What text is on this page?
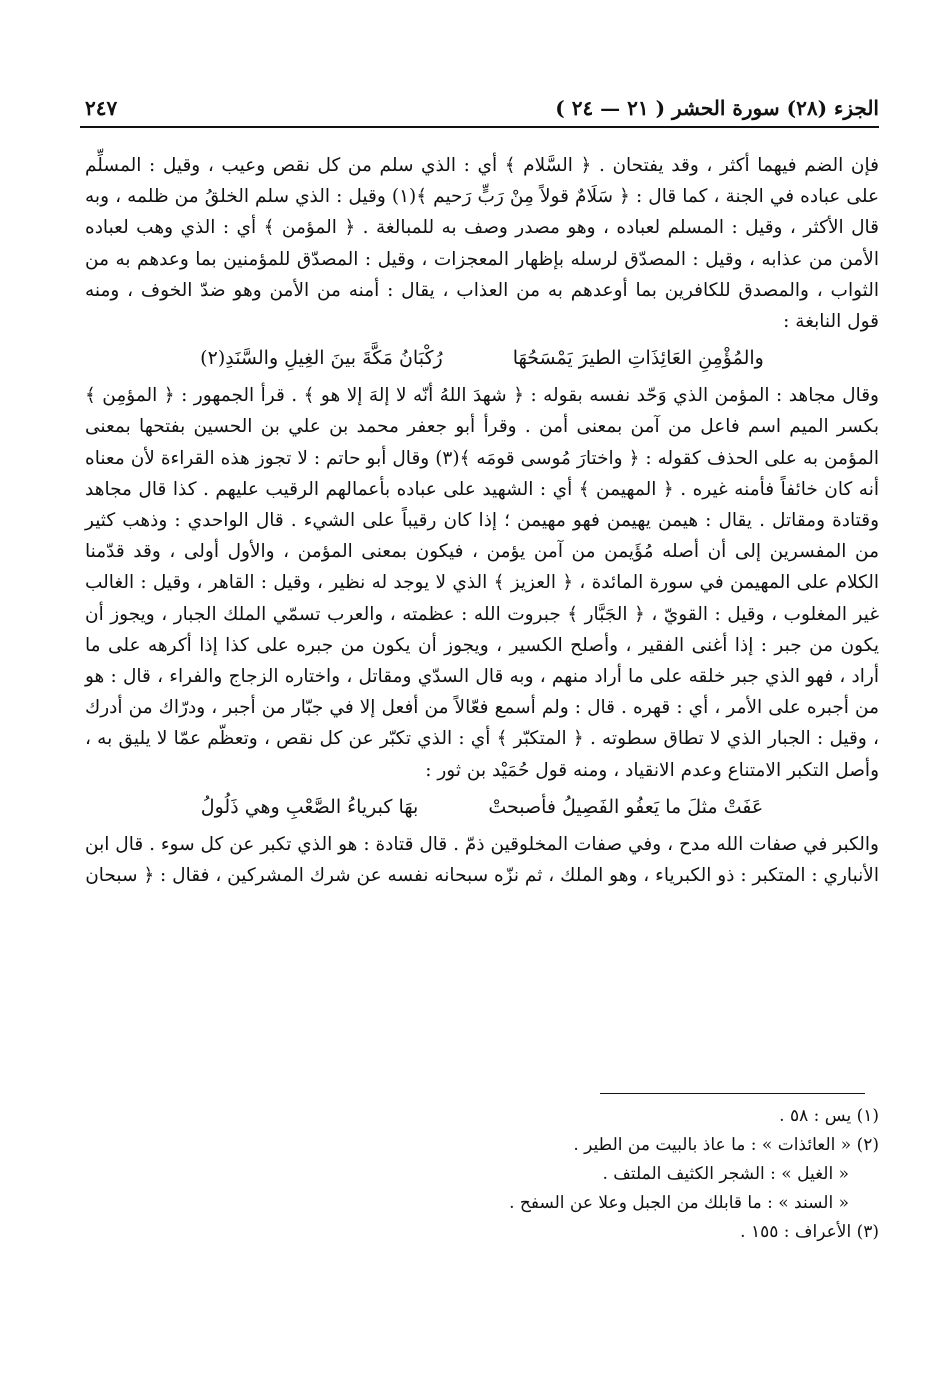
الجزء (٢٨) سورة الحشر ( ٢١ — ٢٤ )
٢٤٧

فإن الضم فيهما أكثر ، وقد يفتحان . ﴿ السَّلام ﴾ أي : الذي سلم من كل نقص وعيب ، وقيل : المسلِّم على عباده في الجنة ، كما قال : ﴿ سَلَامٌ قولاً مِنْ رَبٍّ رَحيم ﴾(١) وقيل : الذي سلم الخلقُ من ظلمه ، وبه قال الأكثر ، وقيل : المسلم لعباده ، وهو مصدر وصف به للمبالغة . ﴿ المؤمن ﴾ أي : الذي وهب لعباده الأمن من عذابه ، وقيل : المصدّق لرسله بإظهار المعجزات ، وقيل : المصدّق للمؤمنين بما وعدهم به من الثواب ، والمصدق للكافرين بما أوعدهم به من العذاب ، يقال : أمنه من الأمن وهو ضدّ الخوف ، ومنه قول النابغة :

والمُؤْمِنِ العَائِذَاتِ الطيرَ يَمْسَحُهَا
رُكْبَانُ مَكَّةَ بينَ الغِيلِ والسَّنَدِ(٢)

وقال مجاهد : المؤمن الذي وَحّد نفسه بقوله : ﴿ شهدَ اللهُ أنّه لا إلهَ إلا هو ﴾ . قرأ الجمهور : ﴿ المؤمِن ﴾ بكسر الميم اسم فاعل من آمن بمعنى أمن . وقرأ أبو جعفر محمد بن علي بن الحسين بفتحها بمعنى المؤمن به على الحذف كقوله : ﴿ واختارَ مُوسى قومَه ﴾(٣) وقال أبو حاتم : لا تجوز هذه القراءة لأن معناه أنه كان خائفاً فأمنه غيره . ﴿ المهيمن ﴾ أي : الشهيد على عباده بأعمالهم الرقيب عليهم . كذا قال مجاهد وقتادة ومقاتل . يقال : هيمن يهيمن فهو مهيمن ؛ إذا كان رقيباً على الشيء . قال الواحدي : وذهب كثير من المفسرين إلى أن أصله مُؤَيمن من آمن يؤمن ، فيكون بمعنى المؤمن ، والأول أولى ، وقد قدّمنا الكلام على المهيمن في سورة المائدة ، ﴿ العزيز ﴾ الذي لا يوجد له نظير ، وقيل : القاهر ، وقيل : الغالب غير المغلوب ، وقيل : القويّ ، ﴿ الجَبَّار ﴾ جبروت الله : عظمته ، والعرب تسمّي الملك الجبار ، ويجوز أن يكون من جبر : إذا أغنى الفقير ، وأصلح الكسير ، ويجوز أن يكون من جبره على كذا إذا أكرهه على ما أراد ، فهو الذي جبر خلقه على ما أراد منهم ، وبه قال السدّي ومقاتل ، واختاره الزجاج والفراء ، قال : هو من أجبره على الأمر ، أي : قهره . قال : ولم أسمع فعّالاً من أفعل إلا في جبّار من أجبر ، ودرّاك من أدرك ، وقيل : الجبار الذي لا تطاق سطوته . ﴿ المتكبّر ﴾ أي : الذي تكبّر عن كل نقص ، وتعظّم عمّا لا يليق به ، وأصل التكبر الامتناع وعدم الانقياد ، ومنه قول حُمَيْد بن ثور :

عَفَتْ مثلَ ما يَعفُو الفَصِيلُ فأصبحتْ
بهَا كبرياءُ الصَّعْبِ وهي ذَلُولُ

والكبر في صفات الله مدح ، وفي صفات المخلوقين ذمّ . قال قتادة : هو الذي تكبر عن كل سوء . قال ابن الأنباري : المتكبر : ذو الكبرياء ، وهو الملك ، ثم نزّه سبحانه نفسه عن شرك المشركين ، فقال : ﴿ سبحان

(١) يس : ٥٨ .

(٢) « العائذات » : ما عاذ بالبيت من الطير .

« الغيل » : الشجر الكثيف الملتف .

« السند » : ما قابلك من الجبل وعلا عن السفح .

(٣) الأعراف : ١٥٥ .
